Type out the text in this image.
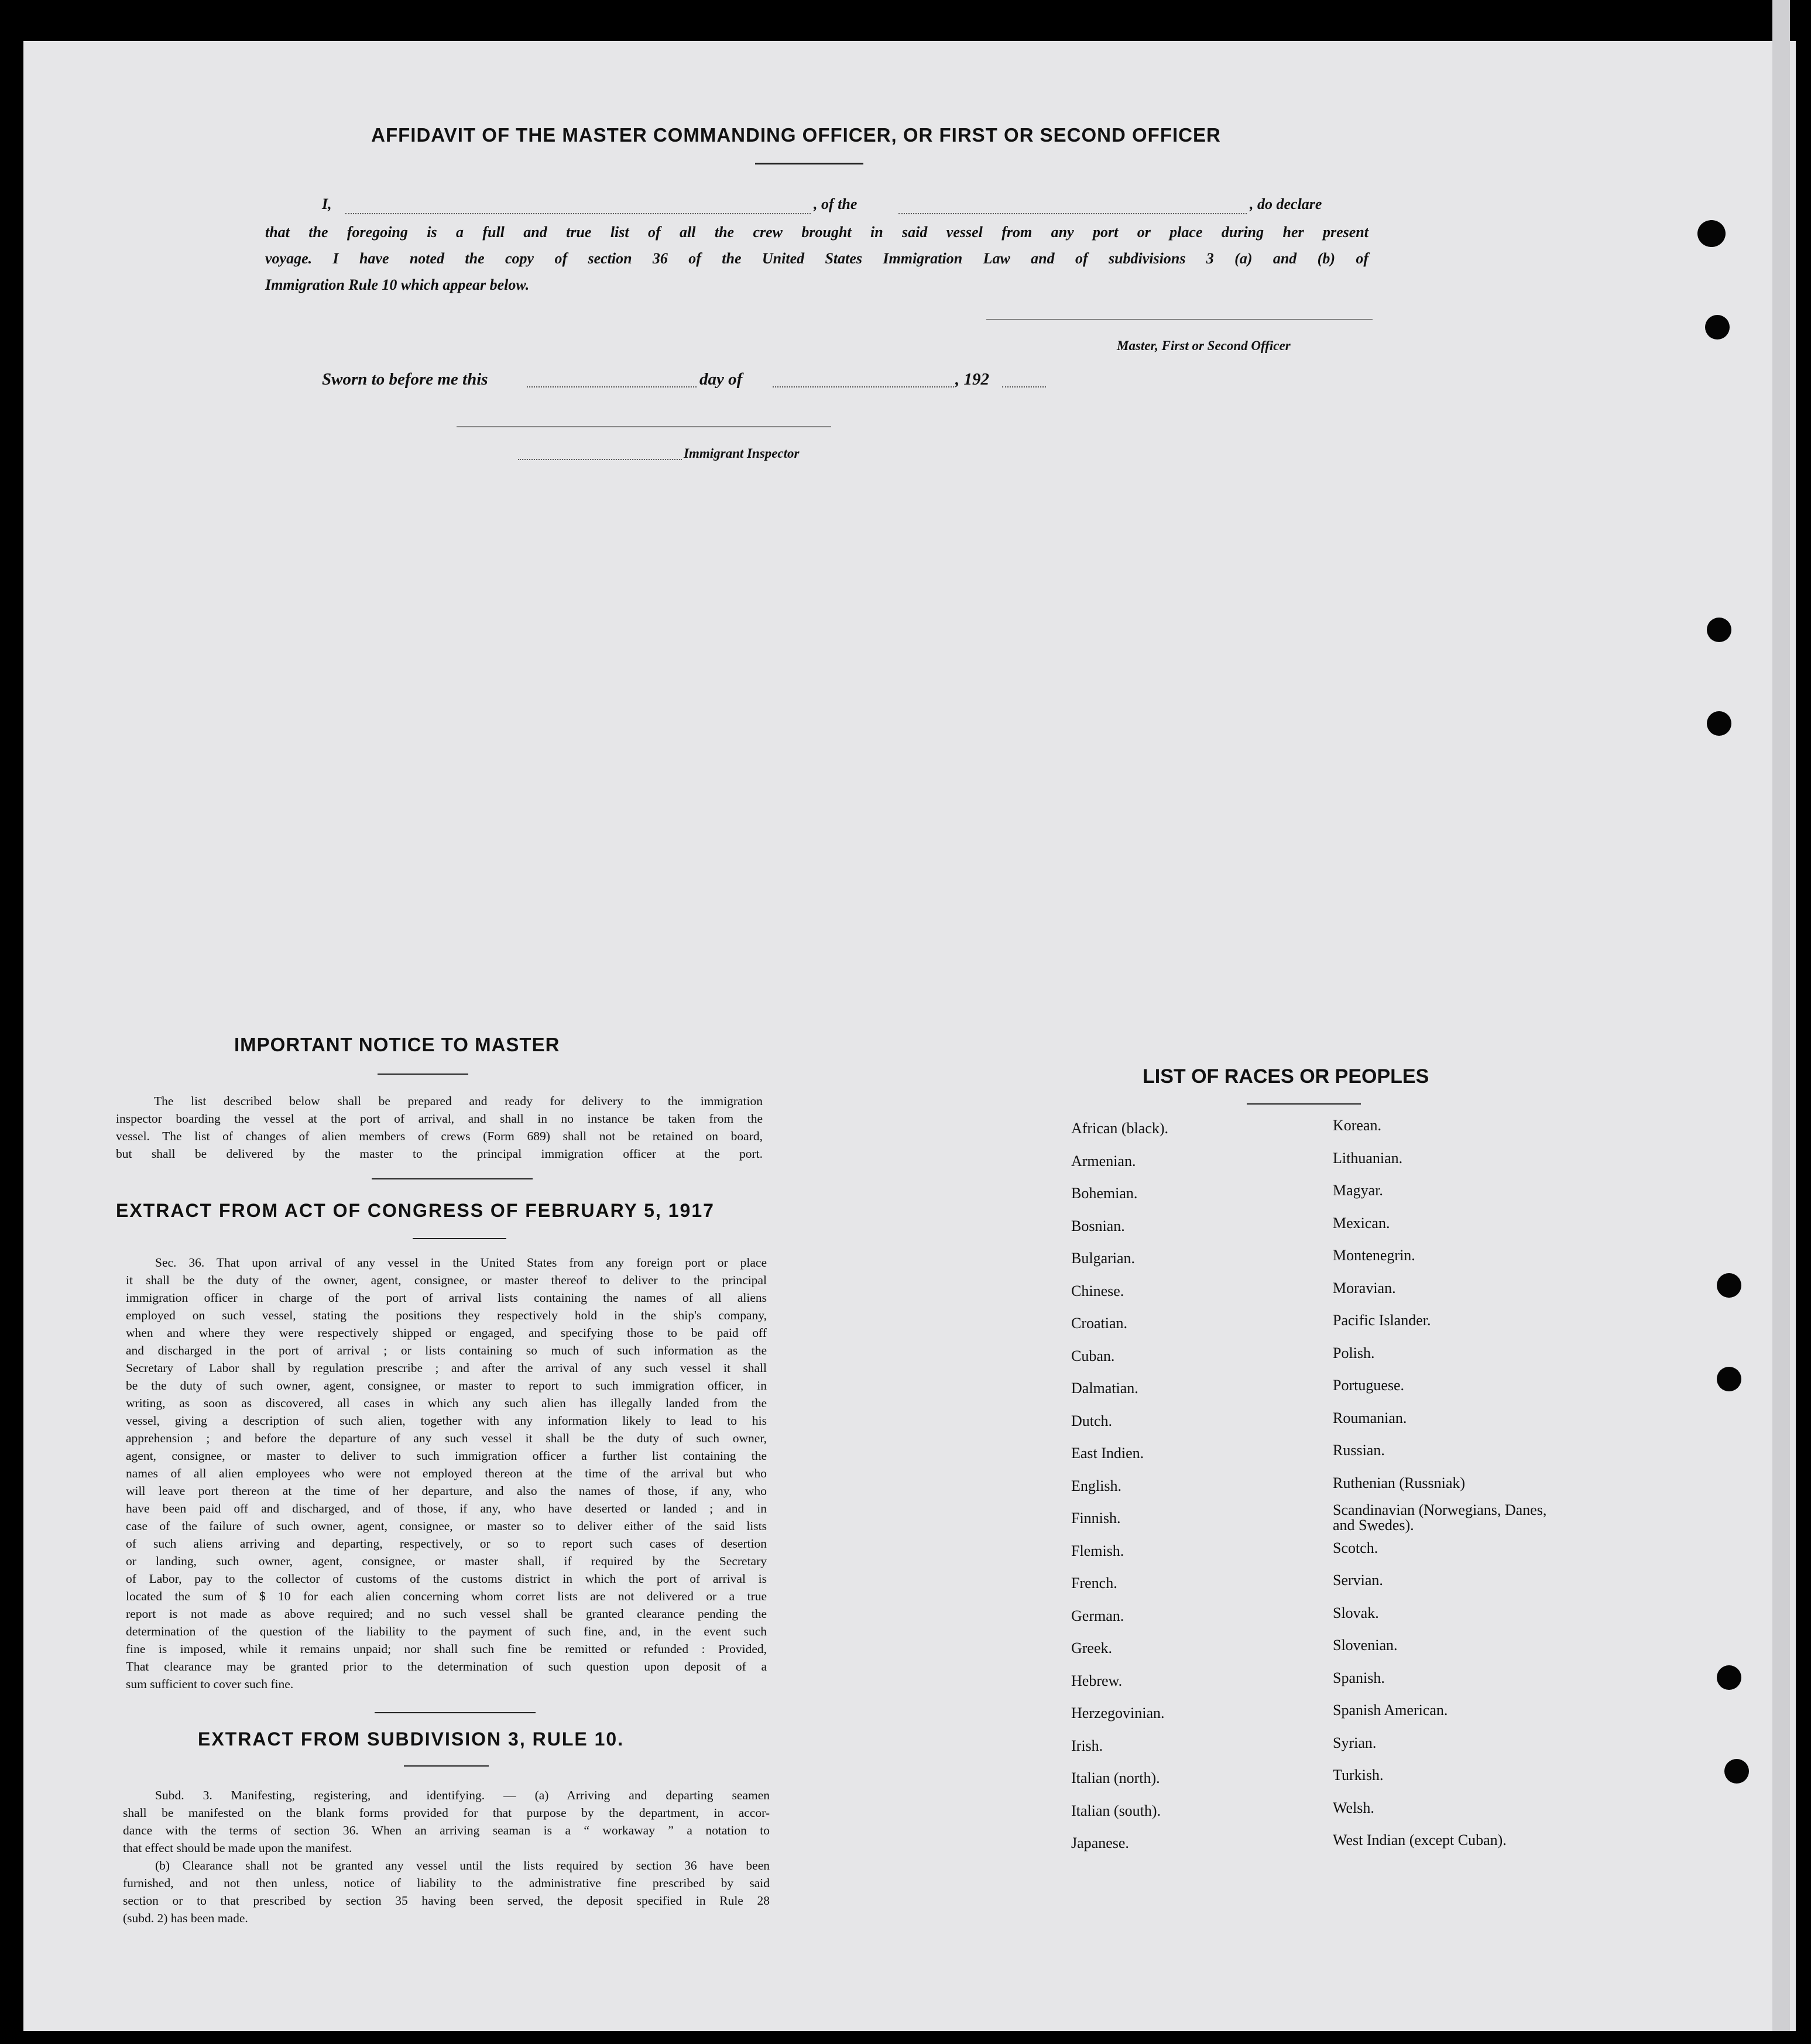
AFFIDAVIT OF THE MASTER COMMANDING OFFICER, OR FIRST OR SECOND OFFICER
I,	, of the	, do declare
that the foregoing is a full and true list of all the crew brought in said vessel from any port or place during her present
voyage. I have noted the copy of section 36 of the United States Immigration Law and of subdivisions 3 (a) and (b) of
Immigration Rule 10 which appear below.
Master, First or Second Officer
Sworn to before me this	day of	, 192
Immigrant Inspector
IMPORTANT NOTICE TO MASTER
The list described below shall be prepared and ready for delivery to the immigration
inspector boarding the vessel at the port of arrival, and shall in no instance be taken from the
vessel. The list of changes of alien members of crews (Form 689) shall not be retained on board,
but shall be delivered by the master to the principal immigration officer at the port.
EXTRACT FROM ACT OF CONGRESS OF FEBRUARY 5, 1917
Sec. 36. That upon arrival of any vessel in the United States from any foreign port or place
it shall be the duty of the owner, agent, consignee, or master thereof to deliver to the principal
immigration officer in charge of the port of arrival lists containing the names of all aliens
employed on such vessel, stating the positions they respectively hold in the ship's company,
when and where they were respectively shipped or engaged, and specifying those to be paid off
and discharged in the port of arrival ; or lists containing so much of such information as the
Secretary of Labor shall by regulation prescribe ; and after the arrival of any such vessel it shall
be the duty of such owner, agent, consignee, or master to report to such immigration officer, in
writing, as soon as discovered, all cases in which any such alien has illegally landed from the
vessel, giving a description of such alien, together with any information likely to lead to his
apprehension ; and before the departure of any such vessel it shall be the duty of such owner,
agent, consignee, or master to deliver to such immigration officer a further list containing the
names of all alien employees who were not employed thereon at the time of the arrival but who
will leave port thereon at the time of her departure, and also the names of those, if any, who
have been paid off and discharged, and of those, if any, who have deserted or landed ; and in
case of the failure of such owner, agent, consignee, or master so to deliver either of the said lists
of such aliens arriving and departing, respectively, or so to report such cases of desertion
or landing, such owner, agent, consignee, or master shall, if required by the Secretary
of Labor, pay to the collector of customs of the customs district in which the port of arrival is
located the sum of $ 10 for each alien concerning whom corret lists are not delivered or a true
report is not made as above required; and no such vessel shall be granted clearance pending the
determination of the question of the liability to the payment of such fine, and, in the event such
fine is imposed, while it remains unpaid; nor shall such fine be remitted or refunded : Provided,
That clearance may be granted prior to the determination of such question upon deposit of a
sum sufficient to cover such fine.
EXTRACT FROM SUBDIVISION 3, RULE 10.
Subd. 3. Manifesting, registering, and identifying. — (a) Arriving and departing seamen
shall be manifested on the blank forms provided for that purpose by the department, in accor-
dance with the terms of section 36. When an arriving seaman is a “ workaway ” a notation to
that effect should be made upon the manifest.
(b) Clearance shall not be granted any vessel until the lists required by section 36 have been
furnished, and not then unless, notice of liability to the administrative fine prescribed by said
section or to that prescribed by section 35 having been served, the deposit specified in Rule 28
(subd. 2) has been made.
LIST OF RACES OR PEOPLES
African (black).
Armenian.
Bohemian.
Bosnian.
Bulgarian.
Chinese.
Croatian.
Cuban.
Dalmatian.
Dutch.
East Indien.
English.
Finnish.
Flemish.
French.
German.
Greek.
Hebrew.
Herzegovinian.
Irish.
Italian (north).
Italian (south).
Japanese.
Korean.
Lithuanian.
Magyar.
Mexican.
Montenegrin.
Moravian.
Pacific Islander.
Polish.
Portuguese.
Roumanian.
Russian.
Ruthenian (Russniak)
Scandinavian (Norwegians, Danes, and Swedes).
Scotch.
Servian.
Slovak.
Slovenian.
Spanish.
Spanish American.
Syrian.
Turkish.
Welsh.
West Indian (except Cuban).
